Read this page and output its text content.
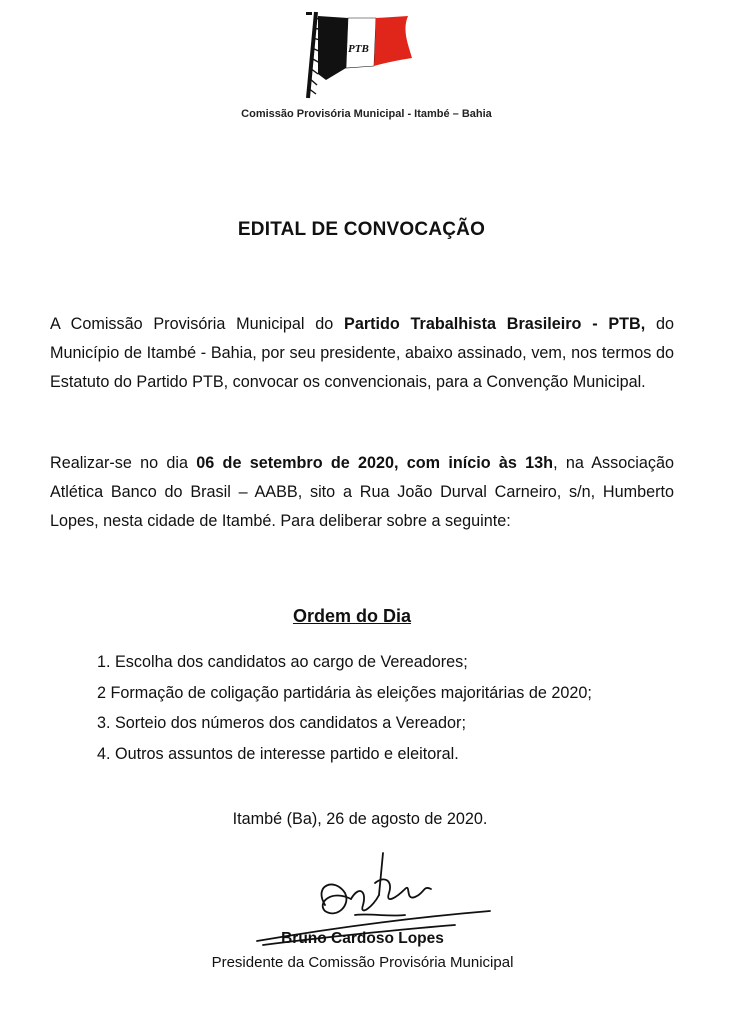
PTB
Comissão Provisória Municipal - Itambé – Bahia
EDITAL DE CONVOCAÇÃO
A Comissão Provisória Municipal do Partido Trabalhista Brasileiro - PTB, do Município de Itambé - Bahia, por seu presidente, abaixo assinado, vem, nos termos do Estatuto do Partido PTB, convocar os convencionais, para a Convenção Municipal.
Realizar-se no dia 06 de setembro de 2020, com início às 13h, na Associação Atlética Banco do Brasil – AABB, sito a Rua João Durval Carneiro, s/n, Humberto Lopes, nesta cidade de Itambé. Para deliberar sobre a seguinte:
Ordem do Dia
1. Escolha dos candidatos ao cargo de Vereadores;
2 Formação de coligação partidária às eleições majoritárias de 2020;
3. Sorteio dos números dos candidatos a Vereador;
4. Outros assuntos de interesse partido e eleitoral.
Itambé (Ba), 26 de agosto de 2020.
Bruno Cardoso Lopes
Presidente da Comissão Provisória Municipal
